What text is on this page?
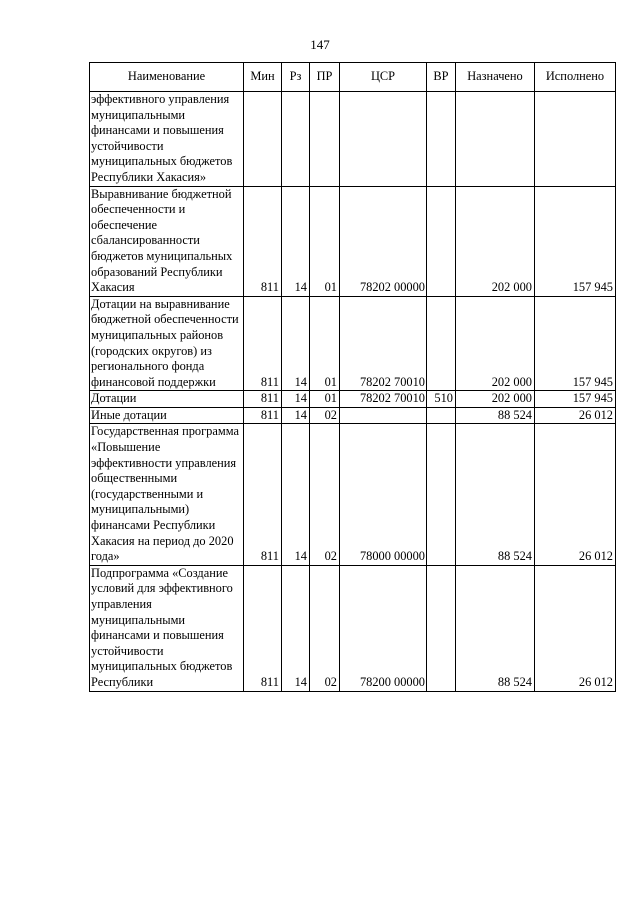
147
Наименование	Мин	Рз	ПР	ЦСР	ВР	Назначено	Исполнено
эффективного управления муниципальными финансами и повышения устойчивости муниципальных бюджетов Республики Хакасия»							
Выравнивание бюджетной обеспеченности и обеспечение сбалансированности бюджетов муниципальных образований Республики Хакасия	811	14	01	78202 00000		202 000	157 945
Дотации на выравнивание бюджетной обеспеченности муниципальных районов (городских округов) из регионального фонда финансовой поддержки	811	14	01	78202 70010		202 000	157 945
Дотации	811	14	01	78202 70010	510	202 000	157 945
Иные дотации	811	14	02			88 524	26 012
Государственная программа «Повышение эффективности управления общественными (государственными и муниципальными) финансами Республики Хакасия на период до 2020 года»	811	14	02	78000 00000		88 524	26 012
Подпрограмма «Создание условий для эффективного управления муниципальными финансами и повышения устойчивости муниципальных бюджетов Республики	811	14	02	78200 00000		88 524	26 012
